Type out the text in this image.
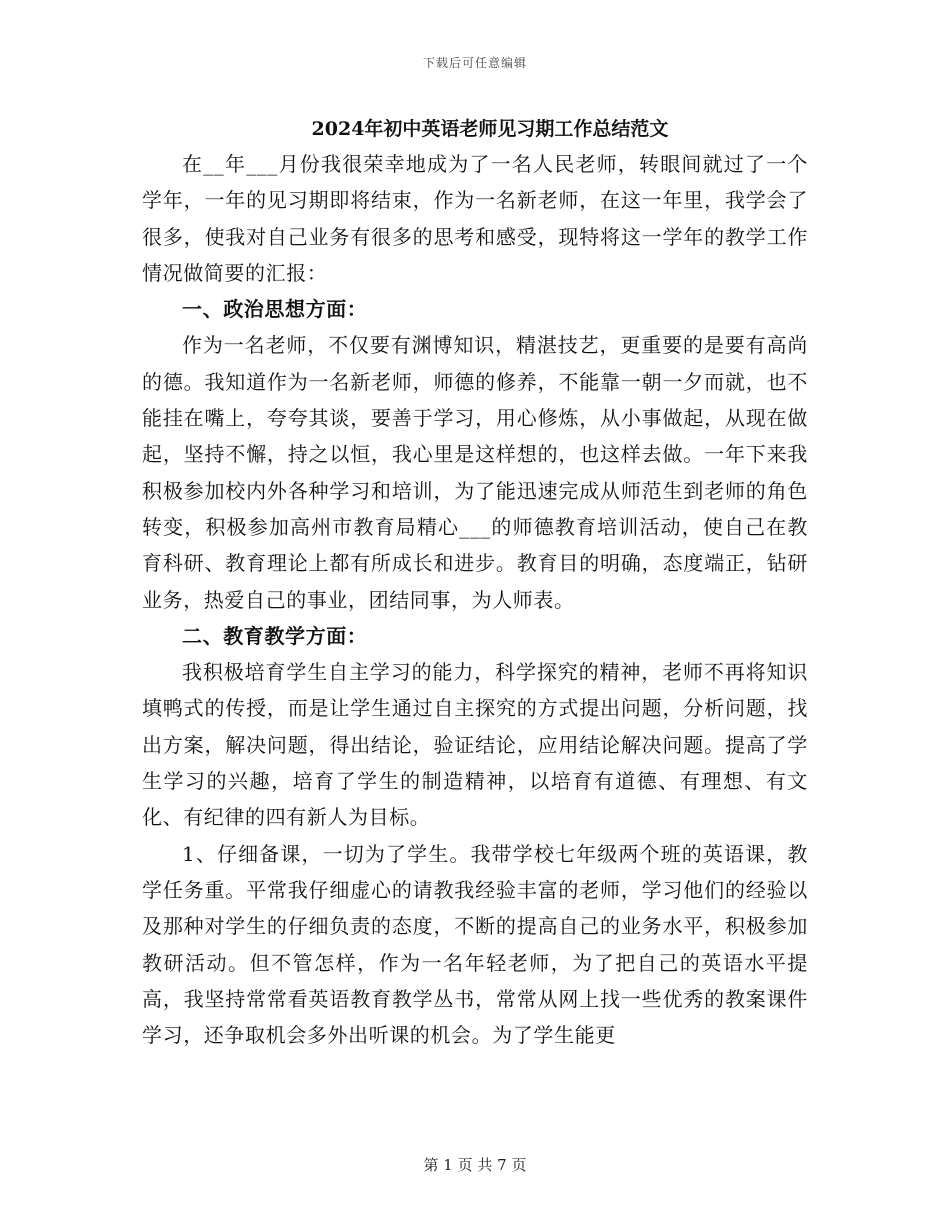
下载后可任意编辑
2024年初中英语老师见习期工作总结范文

在__年___月份我很荣幸地成为了一名人民老师，转眼间就过了一个学年，一年的见习期即将结束，作为一名新老师，在这一年里，我学会了很多，使我对自己业务有很多的思考和感受，现特将这一学年的教学工作情况做简要的汇报：

一、政治思想方面：

作为一名老师，不仅要有渊博知识，精湛技艺，更重要的是要有高尚的德。我知道作为一名新老师，师德的修养，不能靠一朝一夕而就，也不能挂在嘴上，夸夸其谈，要善于学习，用心修炼，从小事做起，从现在做起，坚持不懈，持之以恒，我心里是这样想的，也这样去做。一年下来我积极参加校内外各种学习和培训，为了能迅速完成从师范生到老师的角色转变，积极参加高州市教育局精心___的师德教育培训活动，使自己在教育科研、教育理论上都有所成长和进步。教育目的明确，态度端正，钻研业务，热爱自己的事业，团结同事，为人师表。

二、教育教学方面：

我积极培育学生自主学习的能力，科学探究的精神，老师不再将知识填鸭式的传授，而是让学生通过自主探究的方式提出问题，分析问题，找出方案，解决问题，得出结论，验证结论，应用结论解决问题。提高了学生学习的兴趣，培育了学生的制造精神，以培育有道德、有理想、有文化、有纪律的四有新人为目标。

1、仔细备课，一切为了学生。我带学校七年级两个班的英语课，教学任务重。平常我仔细虚心的请教我经验丰富的老师，学习他们的经验以及那种对学生的仔细负责的态度，不断的提高自己的业务水平，积极参加教研活动。但不管怎样，作为一名年轻老师，为了把自己的英语水平提高，我坚持常常看英语教育教学丛书，常常从网上找一些优秀的教案课件学习，还争取机会多外出听课的机会。为了学生能更

第 1 页 共 7 页
